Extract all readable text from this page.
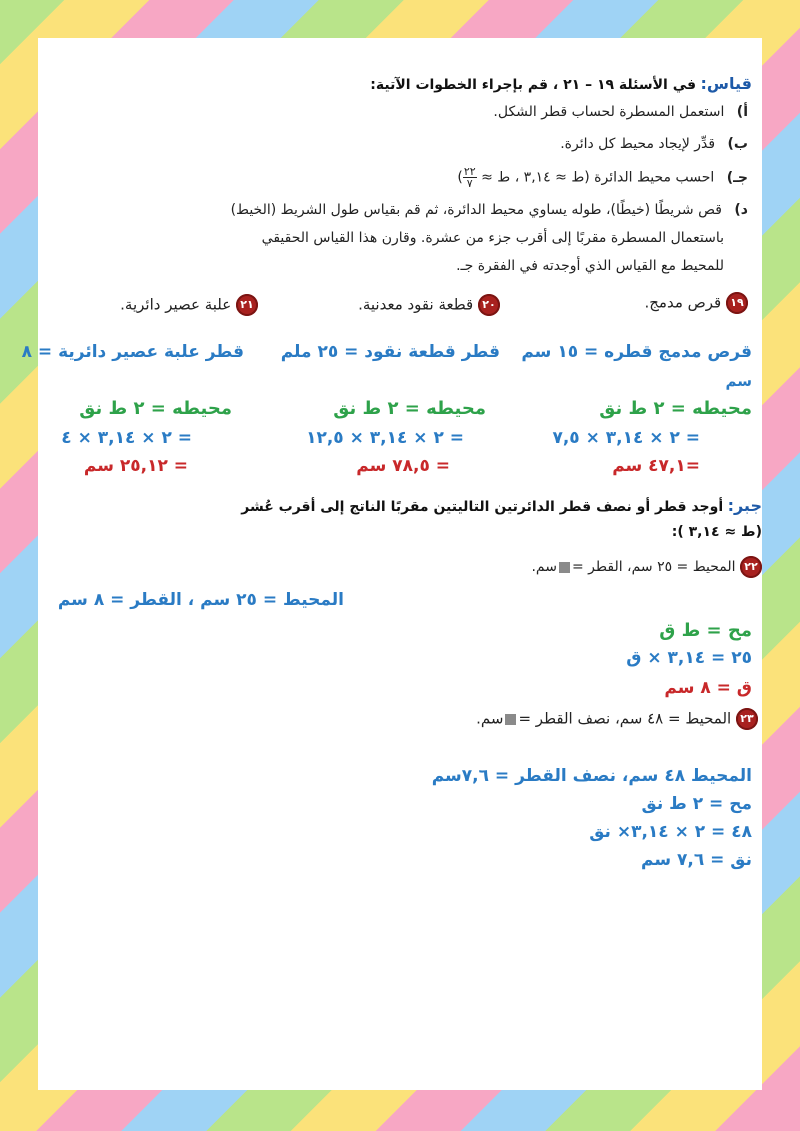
قياس: في الأسئلة ١٩ – ٢١ ، قم بإجراء الخطوات الآتية:
أ) استعمل المسطرة لحساب قطر الشكل.
ب) قدِّر لإيجاد محيط كل دائرة.
جـ) احسب محيط الدائرة (ط ≈ ٣,١٤ ، ط ≈
$\frac{٢٢}{٧}$
)
د) قص شريطًا (خيطًا)، طوله يساوي محيط الدائرة، ثم قم بقياس طول الشريط (الخيط)
باستعمال المسطرة مقربًا إلى أقرب جزء من عشرة. وقارن هذا القياس الحقيقي
للمحيط مع القياس الذي أوجدته في الفقرة جـ.
١٩ قرص مدمج.
٢٠ قطعة نقود معدنية.
٢١ علبة عصير دائرية.
قرص مدمج قطره = ١٥ سم
سم
قطر قطعة نقود = ٢٥ ملم
قطر علبة عصير دائرية = ٨
محيطه = ٢ ط نق
محيطه = ٢ ط نق
محيطه = ٢ ط نق
= ٢ × ٣,١٤ × ٧,٥
= ٢ × ٣,١٤ × ١٢,٥
= ٢ × ٣,١٤ × ٤
=٤٧,١ سم
= ٧٨,٥ سم
= ٢٥,١٢ سم
جبر: أوجد قطر أو نصف قطر الدائرتين التاليتين مقربًا الناتج إلى أقرب عُشر
(ط ≈ ٣,١٤ ):
٢٢ المحيط = ٢٥ سم، القطر =سم.
المحيط = ٢٥ سم ، القطر = ٨ سم
مح = ط ق
٢٥ = ٣,١٤ × ق
ق = ٨ سم
٢٣ المحيط = ٤٨ سم، نصف القطر =سم.
المحيط ٤٨ سم، نصف القطر = ٧,٦سم
مح = ٢ ط نق
٤٨ = ٢ × ٣,١٤× نق
نق = ٧,٦ سم
